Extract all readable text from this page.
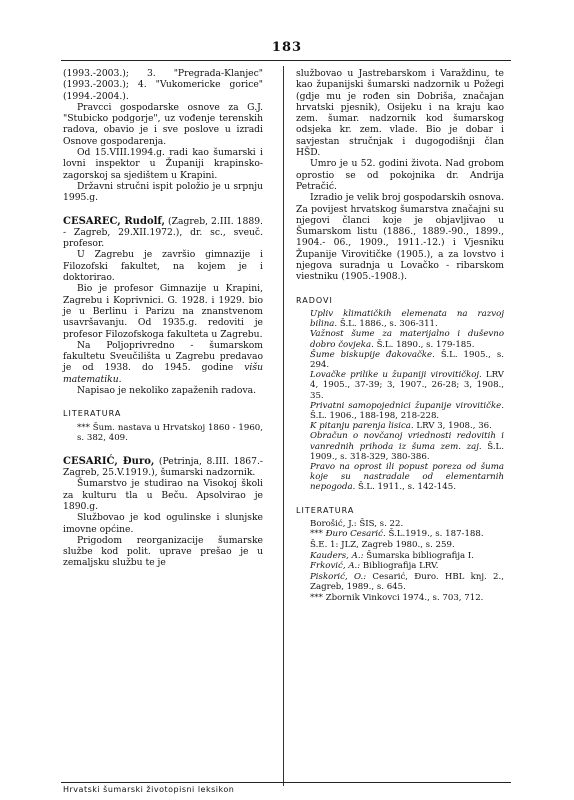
183

(1993.-2003.); 3. "Pregrada-Klanjec" (1993.-2003.); 4. "Vukomericke gorice" (1994.-2004.).

Pravcci gospodarske osnove za G.J. "Stubicko podgorje", uz vođenje terenskih radova, obavio je i sve poslove u izradi Osnove gospodarenja.

Od 15.VIII.1994.g. radi kao šumarski i lovni inspektor u Županiji krapinsko-zagorskoj sa sjedištem u Krapini.

Državni stručni ispit položio je u srpnju 1995.g.

CESAREC, Rudolf, (Zagreb, 2.III. 1889. - Zagreb, 29.XII.1972.), dr. sc., sveuč. profesor.

U Zagrebu je završio gimnazije i Filozofski fakultet, na kojem je i doktorirao.

Bio je profesor Gimnazije u Krapini, Zagrebu i Koprivnici. G. 1928. i 1929. bio je u Berlinu i Parizu na znanstvenom usavršavanju. Od 1935.g. redoviti je profesor Filozofskoga fakulteta u Zagrebu.

Na Poljoprivredno - šumarskom fakultetu Sveučilišta u Zagrebu predavao je od 1938. do 1945. godine višu matematiku.

Napisao je nekoliko zapaženih radova.

LITERATURA

*** Šum. nastava u Hrvatskoj 1860 - 1960, s. 382, 409.

CESARIĆ, Đuro, (Petrinja, 8.III. 1867.-Zagreb, 25.V.1919.), šumarski nadzornik.

Šumarstvo je studirao na Visokoj školi za kulturu tla u Beču. Apsolvirao je 1890.g.

Službovao je kod ogulinske i slunjske imovne općine.

Prigodom reorganizacije šumarske službe kod polit. uprave prešao je u zemaljsku službu te je

službovao u Jastrebarskom i Varaždinu, te kao županijski šumarski nadzornik u Požegi (gdje mu je rođen sin Dobriša, značajan hrvatski pjesnik), Osijeku i na kraju kao zem. šumar. nadzornik kod šumarskog odsjeka kr. zem. vlade. Bio je dobar i savjestan stručnjak i dugogodišnji član HŠD.

Umro je u 52. godini života. Nad grobom oprostio se od pokojnika dr. Andrija Petračić.

Izradio je velik broj gospodarskih osnova. Za povijest hrvatskog šumarstva značajni su njegovi članci koje je objavljivao u Šumarskom listu (1886., 1889.-90., 1899., 1904.- 06., 1909., 1911.-12.) i Vjesniku Županije Virovitičke (1905.), a za lovstvo i njegova suradnja u Lovačko - ribarskom viestniku (1905.-1908.).

RADOVI

Upliv klimatičkih elemenata na razvoj bilina. Š.L. 1886., s. 306-311.

Važnost šume za materijalno i duševno dobro čovjeka. Š.L. 1890., s. 179-185.

Šume biskupije đakovačke. Š.L. 1905., s. 294.

Lovačke prilike u županiji virovitičkoj. LRV 4, 1905., 37-39; 3, 1907., 26-28; 3, 1908., 35.

Privatni samopojednici županije virovitičke. Š.L. 1906., 188-198, 218-228.

K pitanju parenja lisica. LRV 3, 1908., 36.

Obračun o novčanoj vriednosti redovitih i vanrednih prihoda iz šuma zem. zaj. Š.L. 1909., s. 318-329, 380-386.

Pravo na oprost ili popust poreza od šuma koje su nastradale od elementarnih nepogoda. Š.L. 1911., s. 142-145.

LITERATURA

Borošić, J.: ŠIS, s. 22.

*** Đuro Cesarić. Š.L.1919., s. 187-188.

Š.E. 1: JLZ, Zagreb 1980., s. 259.

Kauders, A.: Šumarska bibliografija I.

Frković, A.: Bibliografija LRV.

Piskorić, O.: Cesarić, Đuro. HBL knj. 2., Zagreb, 1989., s. 645.

*** Zbornik Vinkovci 1974., s. 703, 712.

Hrvatski šumarski životopisni leksikon
